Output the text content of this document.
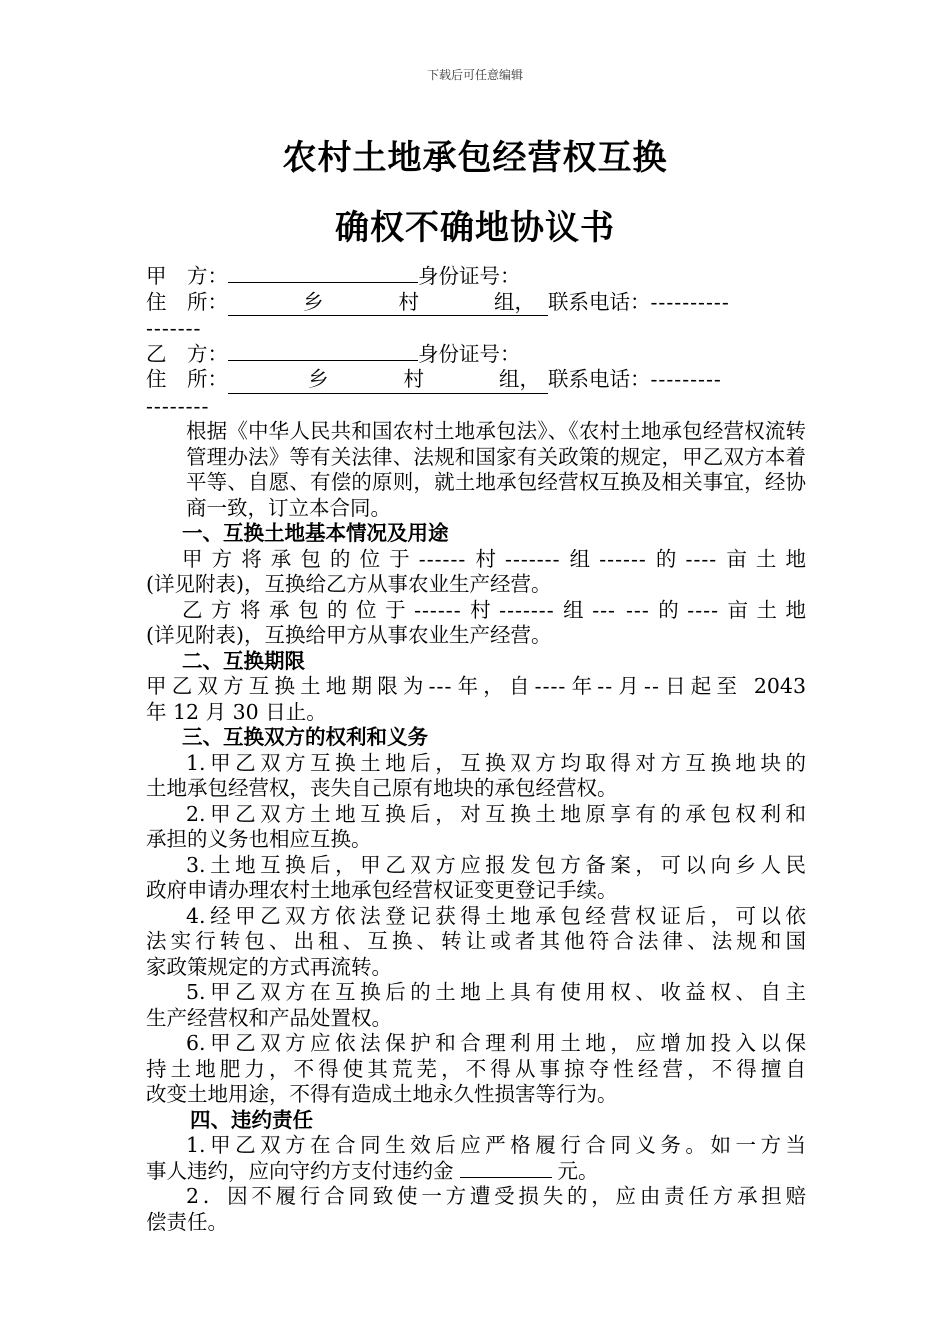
下载后可任意编辑
农村土地承包经营权互换
确权不确地协议书
甲　方：	身份证号：
住　所：	乡	村	组， 联系电话：----------
-------
乙　方：	身份证号：
住　所：	乡	村	组， 联系电话：---------
--------
根据《中华人民共和国农村土地承包法》、《农村土地承包经营权流转管理办法》等有关法律、法规和国家有关政策的规定，甲乙双方本着平等、自愿、有偿的原则，就土地承包经营权互换及相关事宜，经协商一致，订立本合同。
一、互换土地基本情况及用途
甲方将承包的位于------村-------组------的----亩土地
(详见附表)，互换给乙方从事农业生产经营。
乙方将承包的位于------村-------组--- ---的----亩土地
(详见附表)，互换给甲方从事农业生产经营。
二、互换期限
甲乙双方互换土地期限为---年，自----年--月--日起至 2043
年 12 月 30 日止。
三、互换双方的权利和义务
1.甲乙双方互换土地后，互换双方均取得对方互换地块的
土地承包经营权，丧失自己原有地块的承包经营权。
2.甲乙双方土地互换后，对互换土地原享有的承包权利和
承担的义务也相应互换。
3.土地互换后，甲乙双方应报发包方备案，可以向乡人民
政府申请办理农村土地承包经营权证变更登记手续。
4.经甲乙双方依法登记获得土地承包经营权证后，可以依
法实行转包、出租、互换、转让或者其他符合法律、法规和国
家政策规定的方式再流转。
5.甲乙双方在互换后的土地上具有使用权、收益权、自主
生产经营权和产品处置权。
6.甲乙双方应依法保护和合理利用土地，应增加投入以保
持土地肥力，不得使其荒芜，不得从事掠夺性经营，不得擅自
改变土地用途，不得有造成土地永久性损害等行为。
四、违约责任
1.甲乙双方在合同生效后应严格履行合同义务。如一方当
事人违约，应向守约方支付违约金	元。
2．因不履行合同致使一方遭受损失的，应由责任方承担赔
偿责任。
